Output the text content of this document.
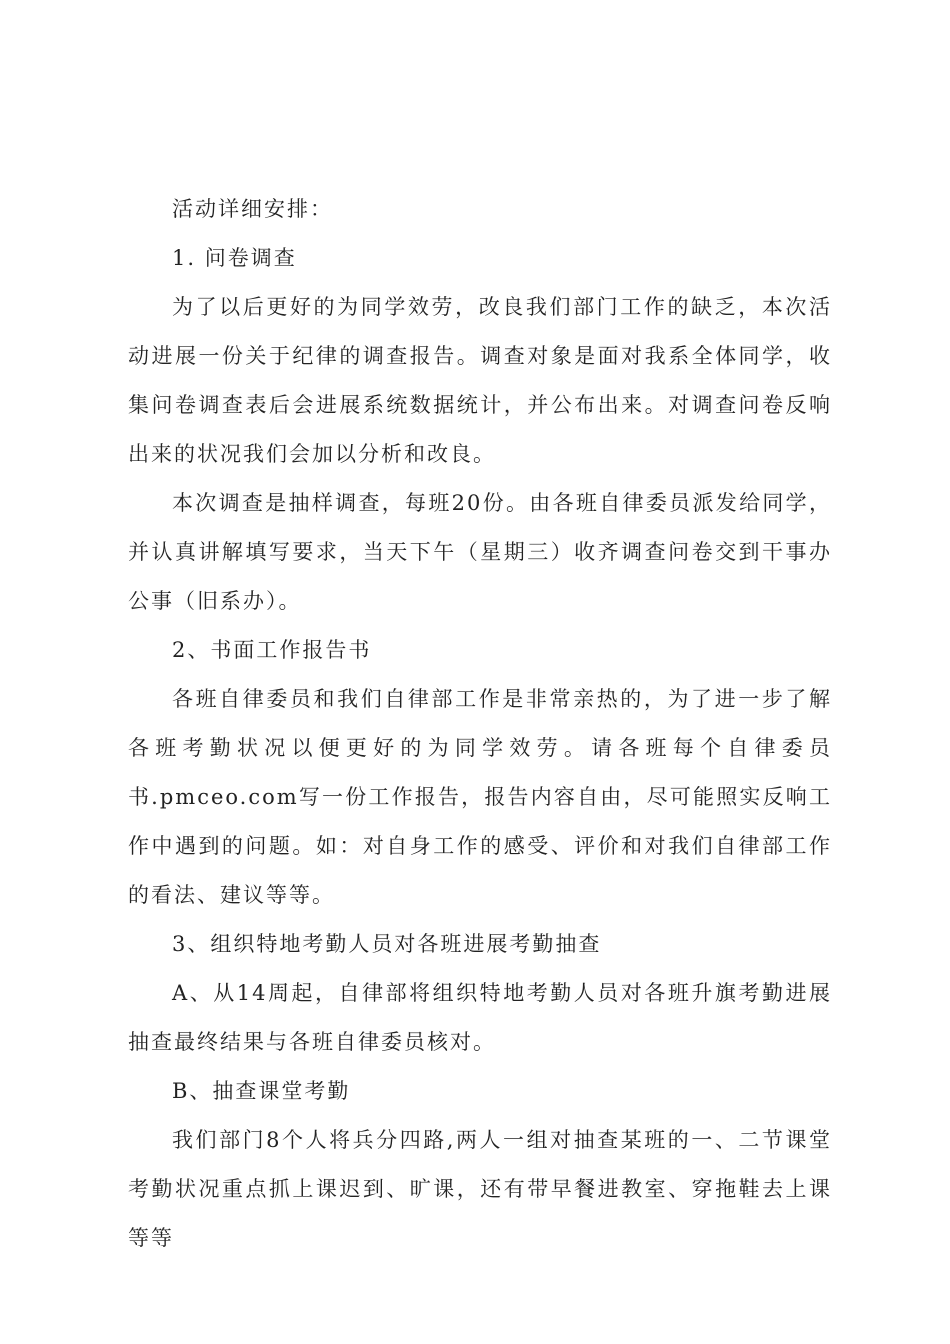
活动详细安排：

1. 问卷调查

为了以后更好的为同学效劳，改良我们部门工作的缺乏，本次活动进展一份关于纪律的调查报告。调查对象是面对我系全体同学，收集问卷调查表后会进展系统数据统计，并公布出来。对调查问卷反响出来的状况我们会加以分析和改良。

本次调查是抽样调查，每班20份。由各班自律委员派发给同学，并认真讲解填写要求，当天下午（星期三）收齐调查问卷交到干事办公事（旧系办）。

2、书面工作报告书

各班自律委员和我们自律部工作是非常亲热的，为了进一步了解各班考勤状况以便更好的为同学效劳。请各班每个自律委员书.pmceo.com写一份工作报告，报告内容自由，尽可能照实反响工作中遇到的问题。如：对自身工作的感受、评价和对我们自律部工作的看法、建议等等。

3、组织特地考勤人员对各班进展考勤抽查

A、从14周起，自律部将组织特地考勤人员对各班升旗考勤进展抽查最终结果与各班自律委员核对。

B、抽查课堂考勤

我们部门8个人将兵分四路,两人一组对抽查某班的一、二节课堂考勤状况重点抓上课迟到、旷课，还有带早餐进教室、穿拖鞋去上课等等
